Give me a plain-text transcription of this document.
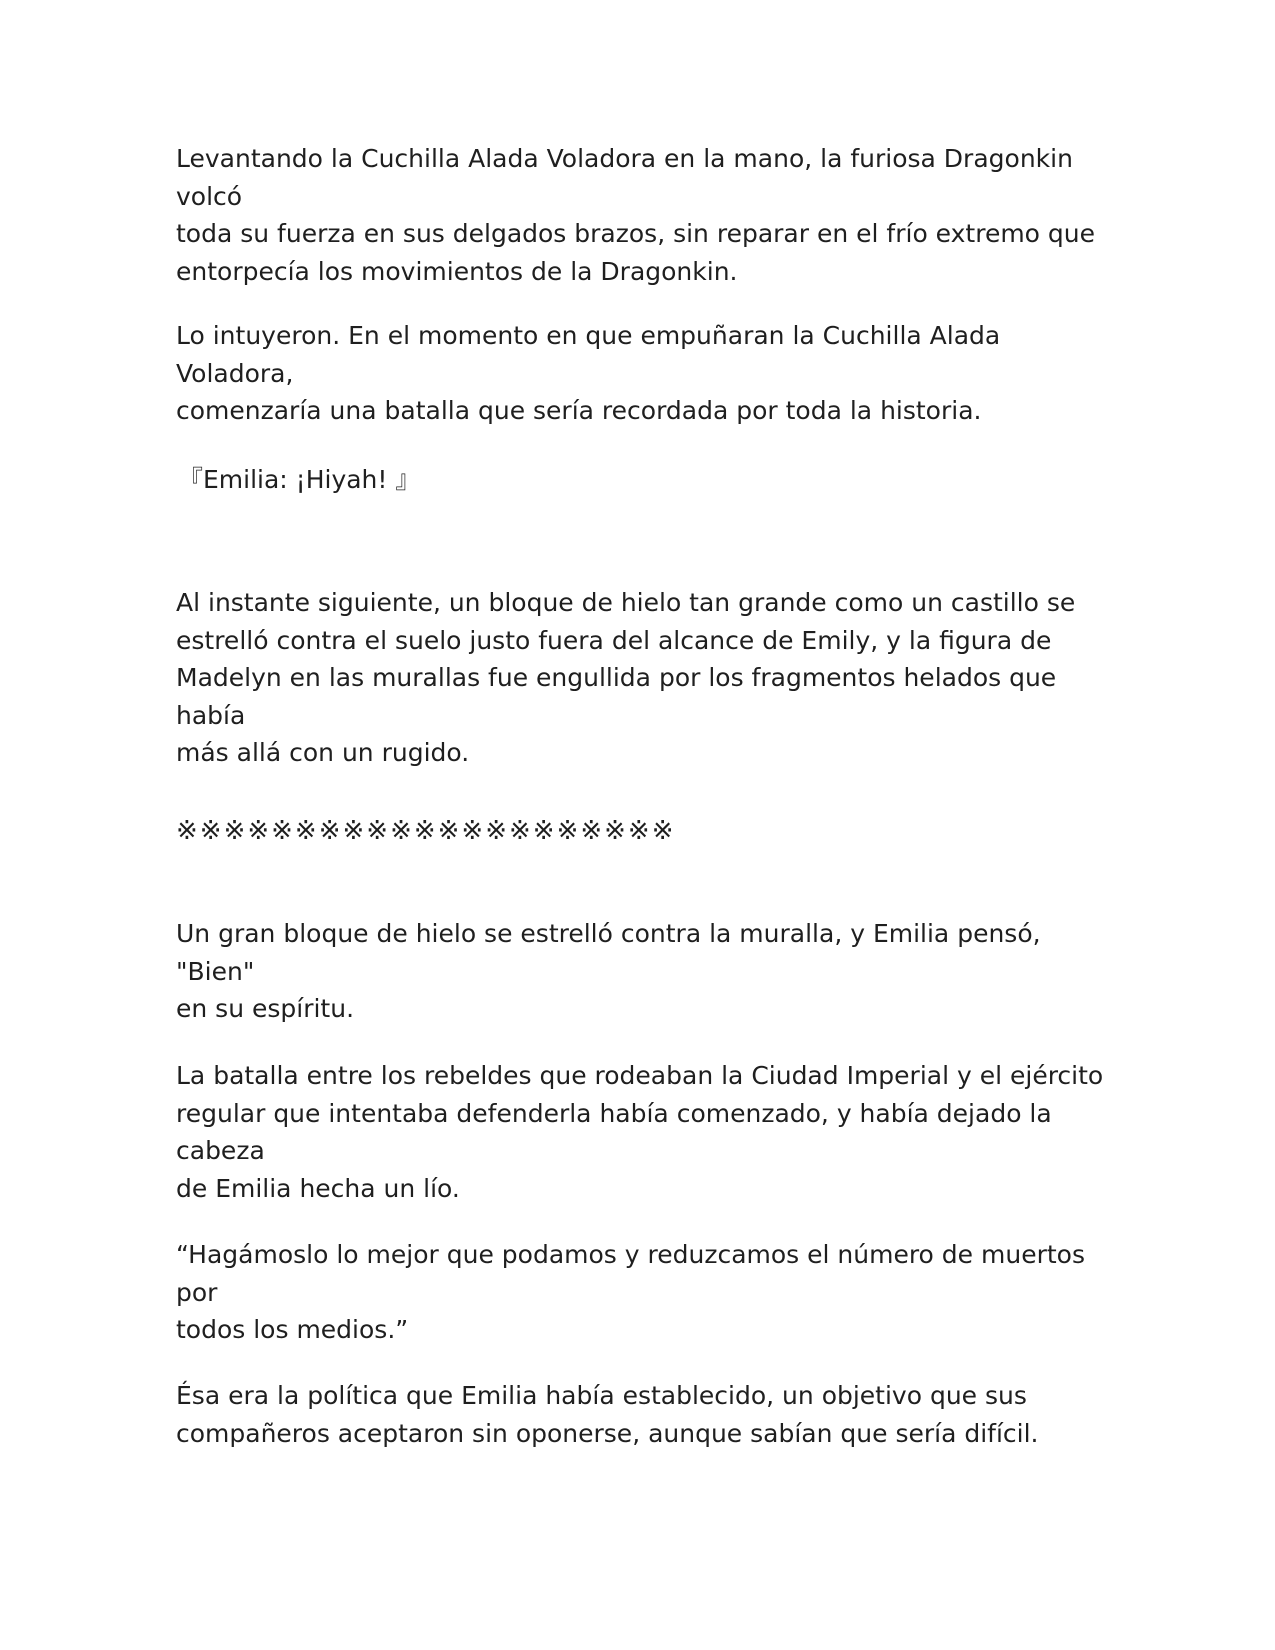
Levantando la Cuchilla Alada Voladora en la mano, la furiosa Dragonkin volcó
toda su fuerza en sus delgados brazos, sin reparar en el frío extremo que
entorpecía los movimientos de la Dragonkin.

Lo intuyeron. En el momento en que empuñaran la Cuchilla Alada Voladora,
comenzaría una batalla que sería recordada por toda la historia.

『Emilia: ¡Hiyah! 』

Al instante siguiente, un bloque de hielo tan grande como un castillo se
estrelló contra el suelo justo fuera del alcance de Emily, y la figura de
Madelyn en las murallas fue engullida por los fragmentos helados que había
más allá con un rugido.

※※※※※※※※※※※※※※※※※※※※※

Un gran bloque de hielo se estrelló contra la muralla, y Emilia pensó, "Bien"
en su espíritu.

La batalla entre los rebeldes que rodeaban la Ciudad Imperial y el ejército
regular que intentaba defenderla había comenzado, y había dejado la cabeza
de Emilia hecha un lío.

“Hagámoslo lo mejor que podamos y reduzcamos el número de muertos por
todos los medios.”

Ésa era la política que Emilia había establecido, un objetivo que sus
compañeros aceptaron sin oponerse, aunque sabían que sería difícil.
